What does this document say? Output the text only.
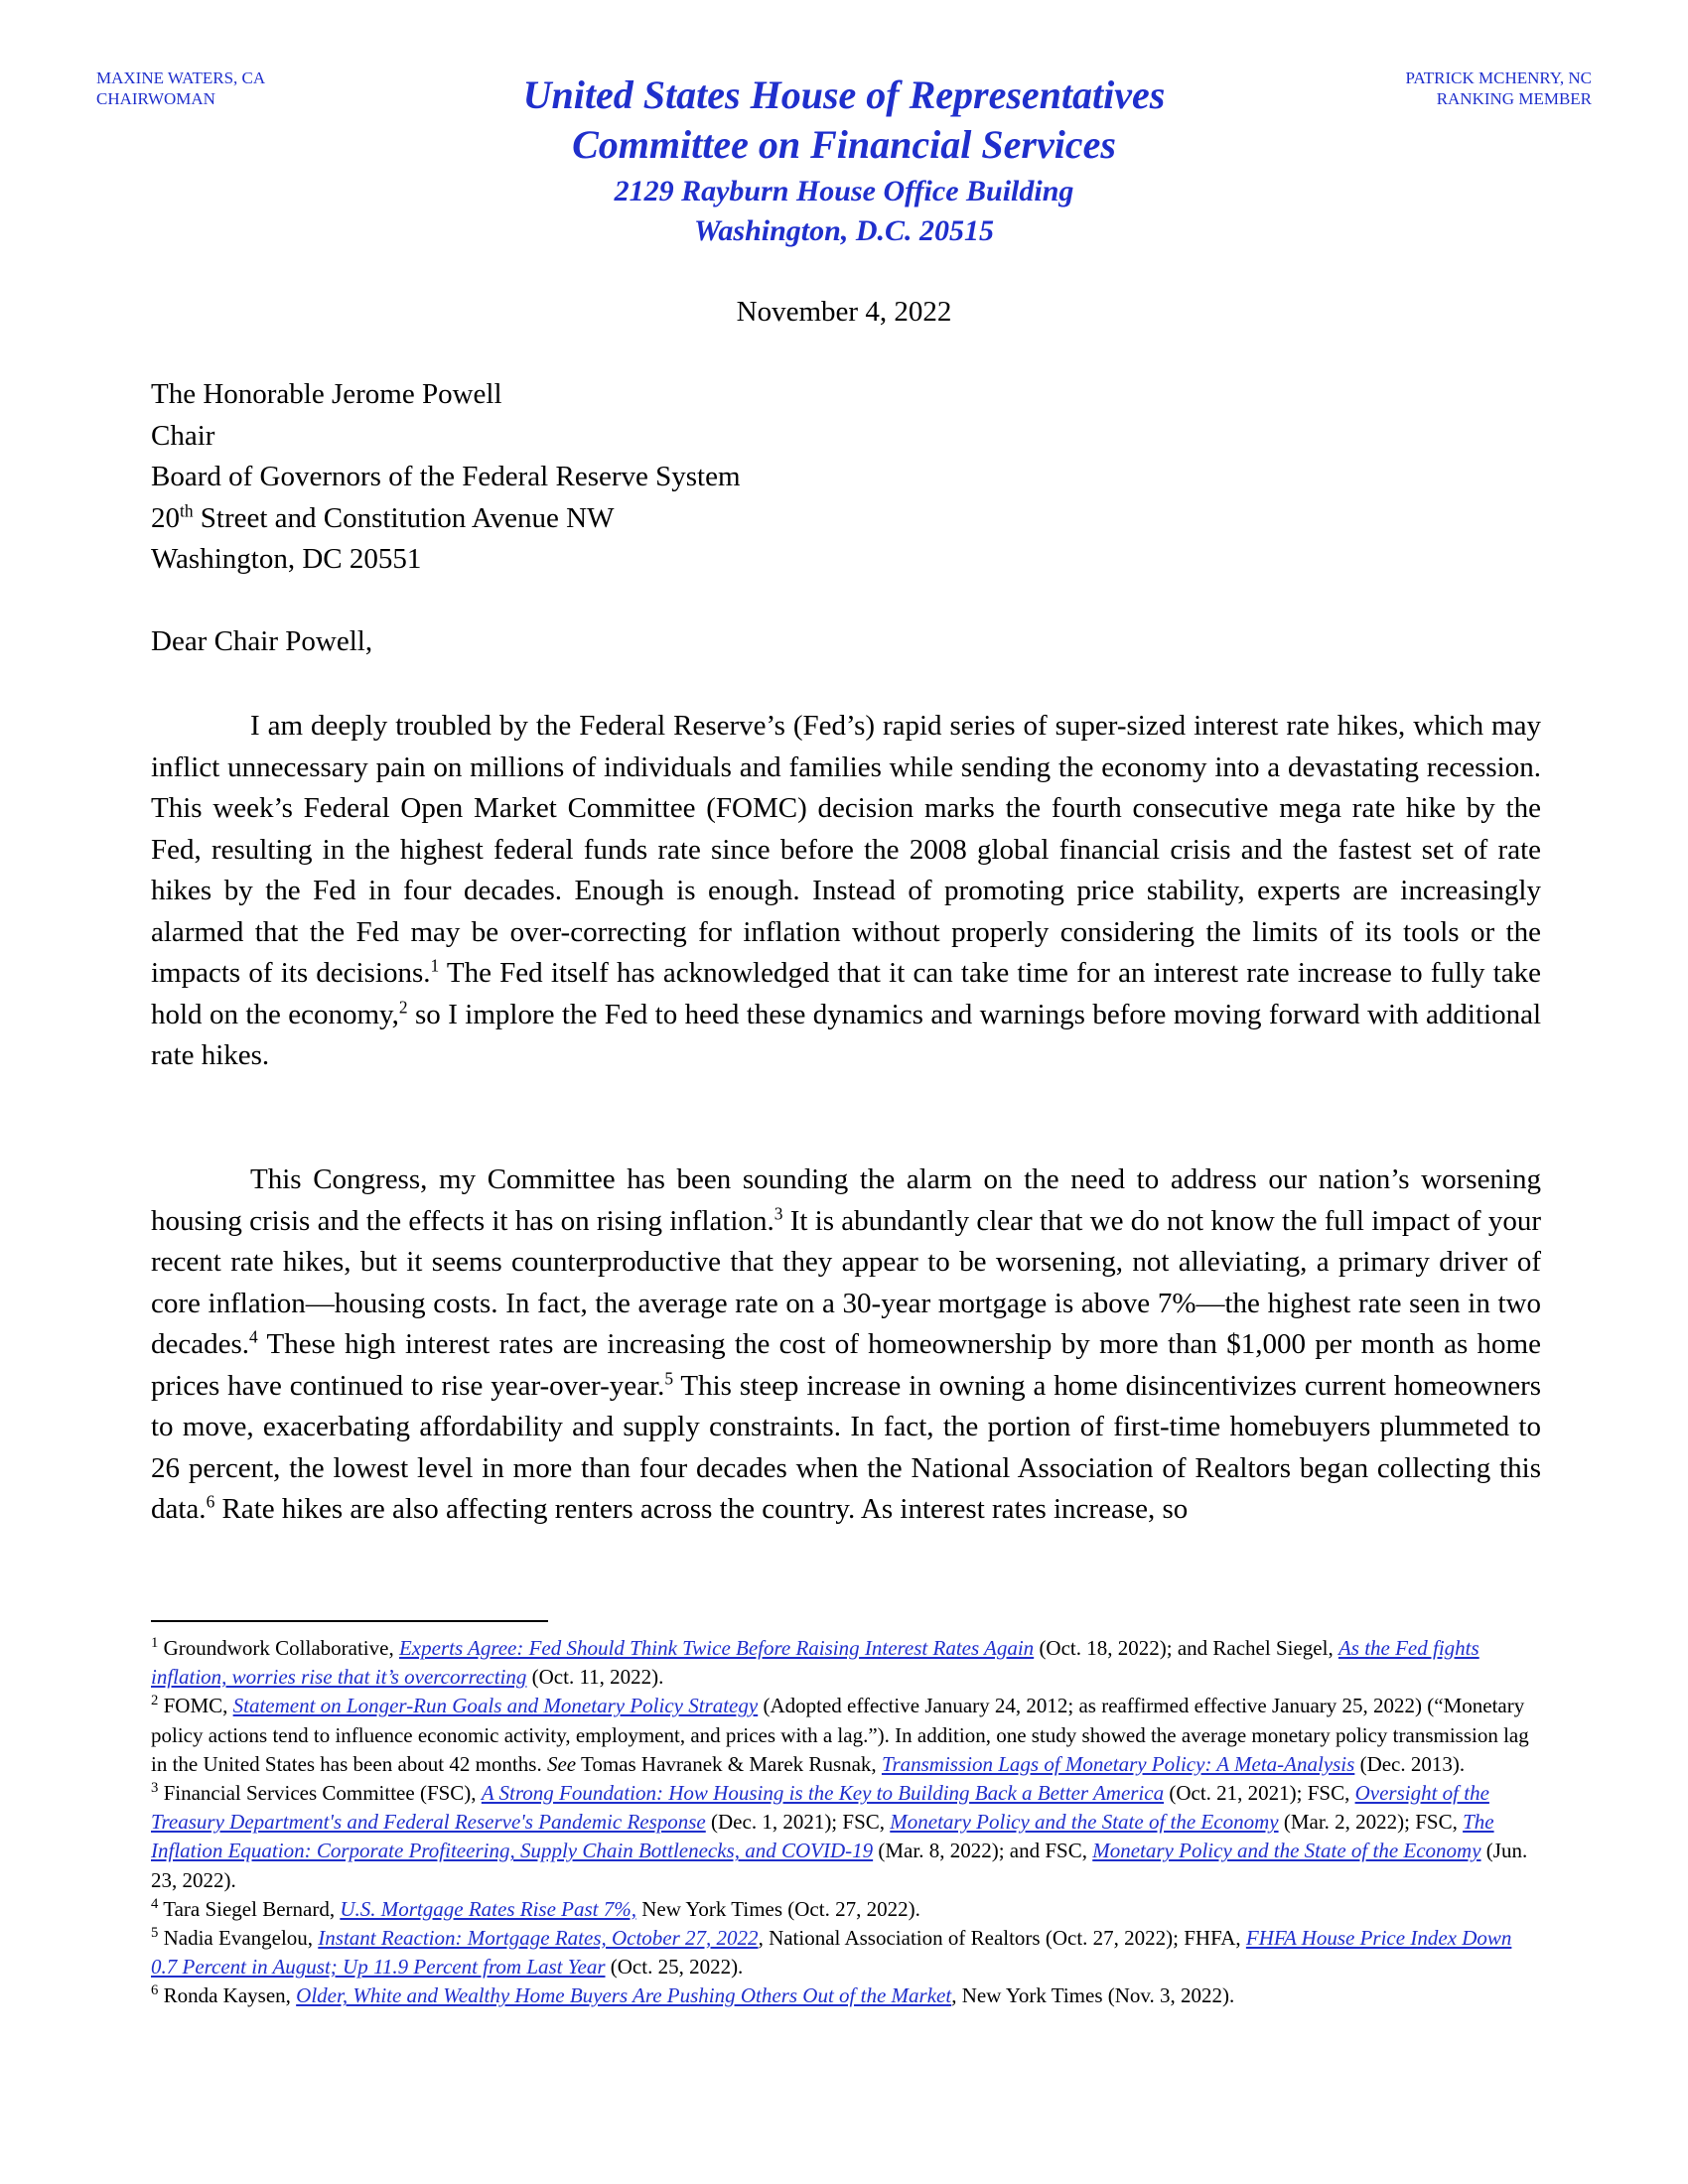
MAXINE WATERS, CA
CHAIRWOMAN
PATRICK MCHENRY, NC
RANKING MEMBER
United States House of Representatives
Committee on Financial Services
2129 Rayburn House Office Building
Washington, D.C. 20515
November 4, 2022
The Honorable Jerome Powell
Chair
Board of Governors of the Federal Reserve System
20th Street and Constitution Avenue NW
Washington, DC 20551
Dear Chair Powell,
I am deeply troubled by the Federal Reserve’s (Fed’s) rapid series of super-sized interest rate hikes, which may inflict unnecessary pain on millions of individuals and families while sending the economy into a devastating recession. This week’s Federal Open Market Committee (FOMC) decision marks the fourth consecutive mega rate hike by the Fed, resulting in the highest federal funds rate since before the 2008 global financial crisis and the fastest set of rate hikes by the Fed in four decades. Enough is enough. Instead of promoting price stability, experts are increasingly alarmed that the Fed may be over-correcting for inflation without properly considering the limits of its tools or the impacts of its decisions.$^1$ The Fed itself has acknowledged that it can take time for an interest rate increase to fully take hold on the economy,$^2$ so I implore the Fed to heed these dynamics and warnings before moving forward with additional rate hikes.
This Congress, my Committee has been sounding the alarm on the need to address our nation’s worsening housing crisis and the effects it has on rising inflation.$^3$ It is abundantly clear that we do not know the full impact of your recent rate hikes, but it seems counterproductive that they appear to be worsening, not alleviating, a primary driver of core inflation—housing costs. In fact, the average rate on a 30-year mortgage is above 7%—the highest rate seen in two decades.$^4$ These high interest rates are increasing the cost of homeownership by more than $1,000 per month as home prices have continued to rise year-over-year.$^5$ This steep increase in owning a home disincentivizes current homeowners to move, exacerbating affordability and supply constraints. In fact, the portion of first-time homebuyers plummeted to 26 percent, the lowest level in more than four decades when the National Association of Realtors began collecting this data.$^6$ Rate hikes are also affecting renters across the country. As interest rates increase, so

$^1$ Groundwork Collaborative, Experts Agree: Fed Should Think Twice Before Raising Interest Rates Again (Oct. 18, 2022); and Rachel Siegel, As the Fed fights inflation, worries rise that it’s overcorrecting (Oct. 11, 2022).

$^2$ FOMC, Statement on Longer-Run Goals and Monetary Policy Strategy (Adopted effective January 24, 2012; as reaffirmed effective January 25, 2022) (“Monetary policy actions tend to influence economic activity, employment, and prices with a lag.”). In addition, one study showed the average monetary policy transmission lag in the United States has been about 42 months. See Tomas Havranek & Marek Rusnak, Transmission Lags of Monetary Policy: A Meta-Analysis (Dec. 2013).

$^3$ Financial Services Committee (FSC), A Strong Foundation: How Housing is the Key to Building Back a Better America (Oct. 21, 2021); FSC, Oversight of the Treasury Department's and Federal Reserve's Pandemic Response (Dec. 1, 2021); FSC, Monetary Policy and the State of the Economy (Mar. 2, 2022); FSC, The Inflation Equation: Corporate Profiteering, Supply Chain Bottlenecks, and COVID-19 (Mar. 8, 2022); and FSC, Monetary Policy and the State of the Economy (Jun. 23, 2022).

$^4$ Tara Siegel Bernard, U.S. Mortgage Rates Rise Past 7%, New York Times (Oct. 27, 2022).

$^5$ Nadia Evangelou, Instant Reaction: Mortgage Rates, October 27, 2022, National Association of Realtors (Oct. 27, 2022); FHFA, FHFA House Price Index Down 0.7 Percent in August; Up 11.9 Percent from Last Year (Oct. 25, 2022).

$^6$ Ronda Kaysen, Older, White and Wealthy Home Buyers Are Pushing Others Out of the Market, New York Times (Nov. 3, 2022).
